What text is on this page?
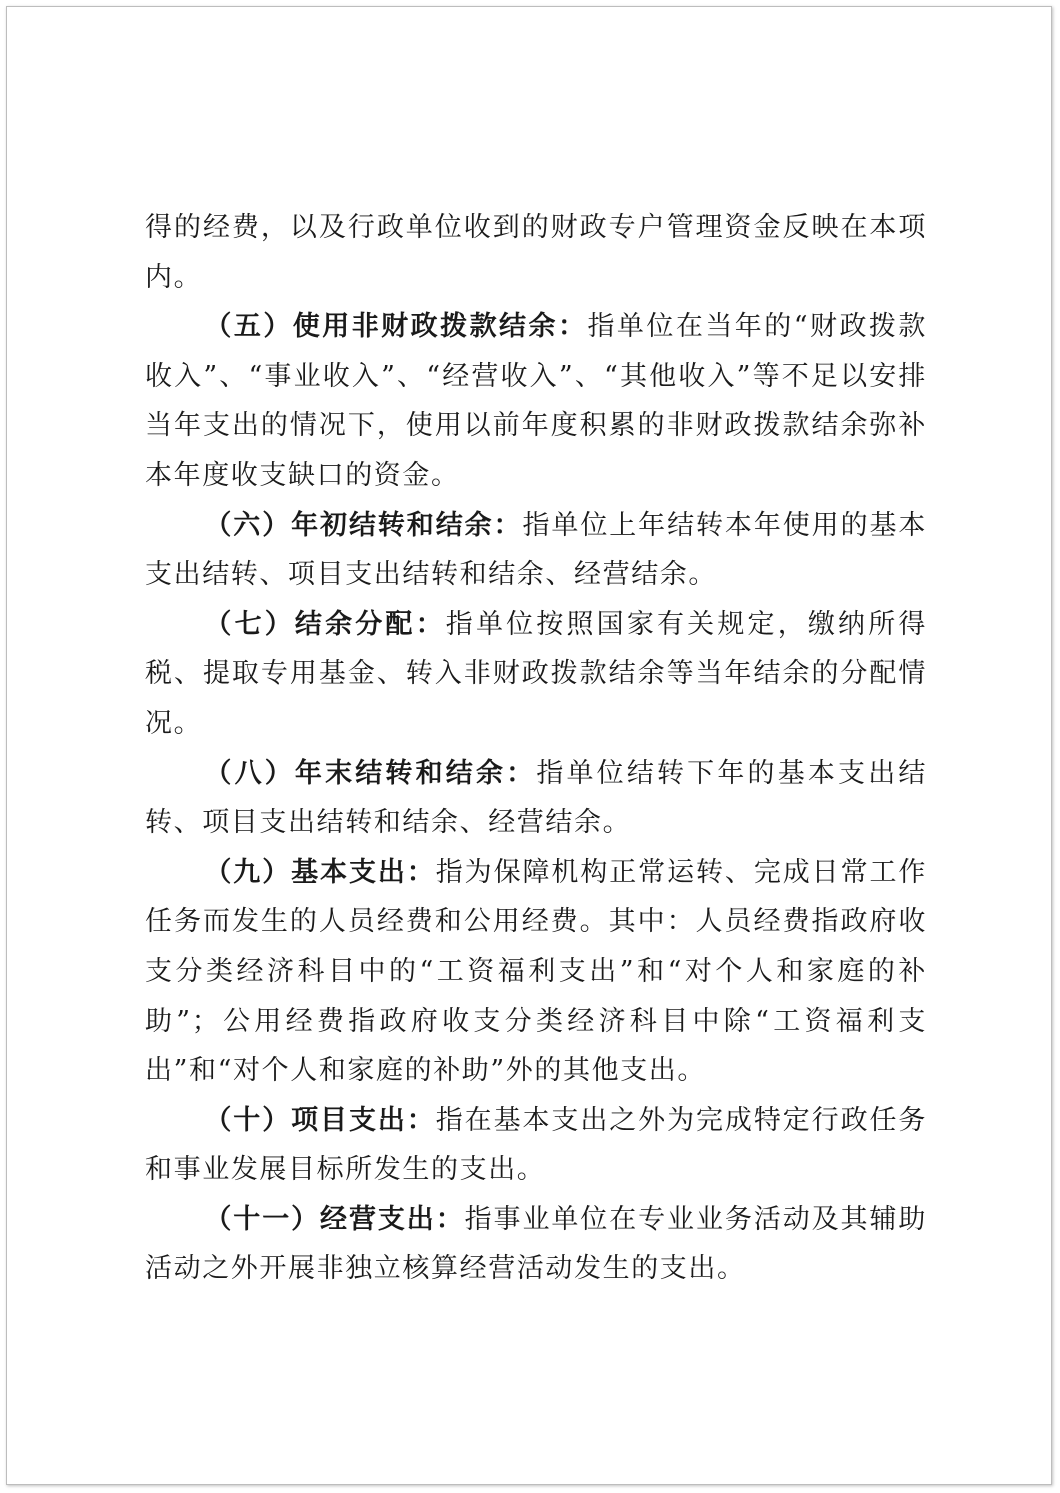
得的经费，以及行政单位收到的财政专户管理资金反映在本项内。

（五）使用非财政拨款结余：指单位在当年的“财政拨款收入”、“事业收入”、“经营收入”、“其他收入”等不足以安排当年支出的情况下，使用以前年度积累的非财政拨款结余弥补本年度收支缺口的资金。

（六）年初结转和结余：指单位上年结转本年使用的基本支出结转、项目支出结转和结余、经营结余。

（七）结余分配：指单位按照国家有关规定，缴纳所得税、提取专用基金、转入非财政拨款结余等当年结余的分配情况。

（八）年末结转和结余：指单位结转下年的基本支出结转、项目支出结转和结余、经营结余。

（九）基本支出：指为保障机构正常运转、完成日常工作任务而发生的人员经费和公用经费。其中：人员经费指政府收支分类经济科目中的“工资福利支出”和“对个人和家庭的补助”；公用经费指政府收支分类经济科目中除“工资福利支出”和“对个人和家庭的补助”外的其他支出。

（十）项目支出：指在基本支出之外为完成特定行政任务和事业发展目标所发生的支出。

（十一）经营支出：指事业单位在专业业务活动及其辅助活动之外开展非独立核算经营活动发生的支出。
